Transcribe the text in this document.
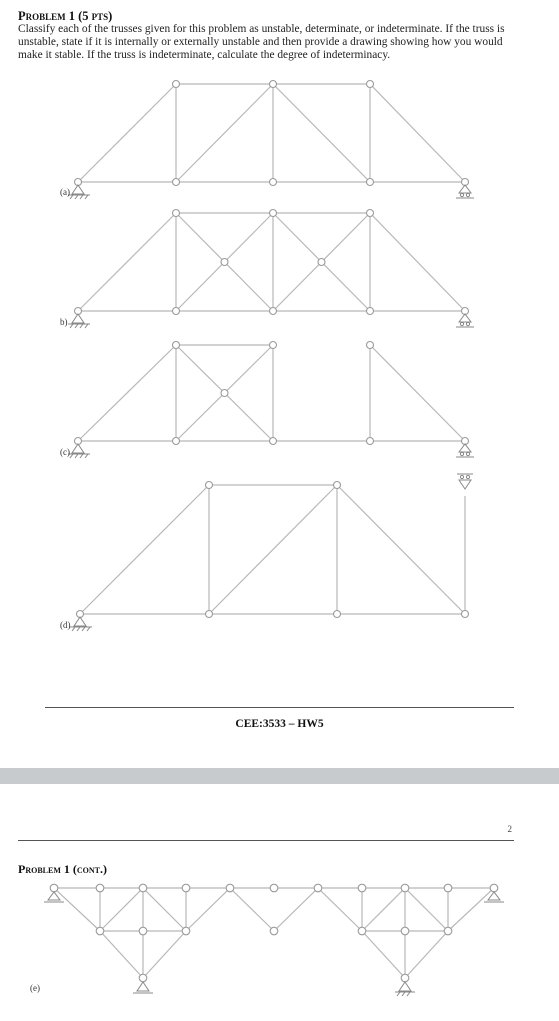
Problem 1 (5 pts)
Classify each of the trusses given for this problem as unstable, determinate, or indeterminate. If the truss is unstable, state if it is internally or externally unstable and then provide a drawing showing how you would make it stable. If the truss is indeterminate, calculate the degree of indeterminacy.
(a)
b)
(c)
(d)
CEE:3533 – HW5
2
Problem 1 (cont.)
(e)
